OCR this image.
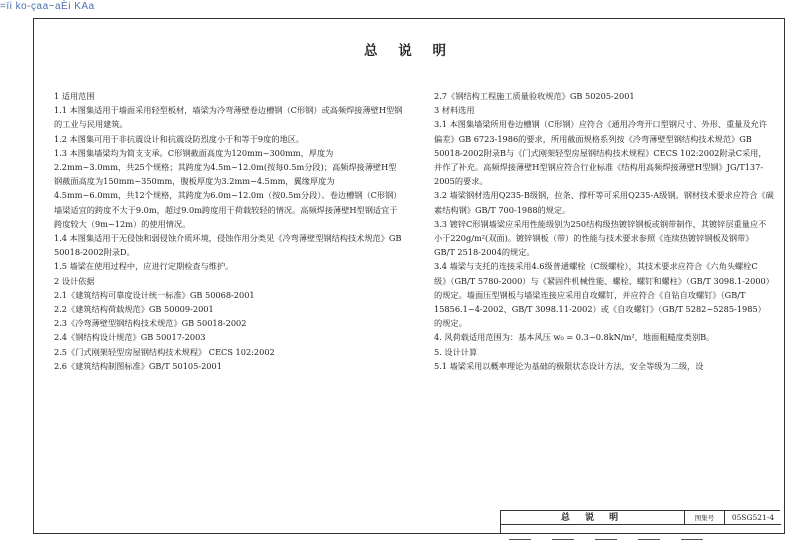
=ïi ko-çaa~aÈi KAa
总 说 明

1 适用范围

1.1 本图集适用于墙面采用轻型板材，墙梁为冷弯薄壁卷边槽钢（C形钢）或高频焊接薄壁H型钢的工业与民用建筑。

1.2 本图集可用于非抗震设计和抗震设防烈度小于和等于9度的地区。

1.3 本图集墙梁均为简支支承。C形钢截面高度为120mm~300mm，厚度为2.2mm~3.0mm，共25个规格；其跨度为4.5m~12.0m(按每0.5m分段)；高频焊接薄壁H型钢截面高度为150mm~350mm，腹板厚度为3.2mm~4.5mm，翼缘厚度为4.5mm~6.0mm，共12个规格，其跨度为6.0m~12.0m（按0.5m分段）。卷边槽钢（C形钢）墙梁适宜的跨度不大于9.0m，超过9.0m跨度用于荷载较轻的情况。高频焊接薄壁H型钢适宜于跨度较大（9m~12m）的使用情况。

1.4 本图集适用于无侵蚀和弱侵蚀介质环境，侵蚀作用分类见《冷弯薄壁型钢结构技术规范》GB 50018-2002附录D。

1.5 墙梁在使用过程中，应进行定期检查与维护。

2 设计依据

2.1《建筑结构可靠度设计统一标准》GB 50068-2001

2.2《建筑结构荷载规范》GB 50009-2001

2.3《冷弯薄壁型钢结构技术规范》GB 50018-2002

2.4《钢结构设计规范》GB 50017-2003

2.5《门式刚架轻型房屋钢结构技术规程》 CECS 102:2002

2.6《建筑结构制图标准》GB/T 50105-2001

2.7《钢结构工程施工质量验收规范》GB 50205-2001

3 材料选用

3.1 本图集墙梁所用卷边槽钢（C形钢）应符合《通用冷弯开口型钢尺寸、外形、重量及允许偏差》GB 6723-1986的要求，所用截面规格系列按《冷弯薄壁型钢结构技术规范》GB 50018-2002附录B与《门式刚架轻型房屋钢结构技术规程》CECS 102:2002附录C采用，并作了补充。高频焊接薄壁H型钢应符合行业标准《结构用高频焊接薄壁H型钢》JG/T137-2005的要求。

3.2 墙梁钢材选用Q235-B级钢，拉条、撑杆等可采用Q235-A级钢。钢材技术要求应符合《碳素结构钢》GB/T 700-1988的规定。

3.3 镀锌C形钢墙梁应采用性能级别为250结构级热镀锌钢板或钢带制作，其镀锌层重量应不小于220g/m²(双面)。镀锌钢板（带）的性能与技术要求参照《连续热镀锌钢板及钢带》GB/T 2518-2004的规定。

3.4 墙梁与支托的连接采用4.6级普通螺栓（C级螺栓），其技术要求应符合《六角头螺栓C级》（GB/T 5780-2000）与《紧固件机械性能、螺栓、螺钉和螺柱》（GB/T 3098.1-2000）的规定。墙面压型钢板与墙梁连接应采用自攻螺钉，并应符合《自钻自攻螺钉》（GB/T 15856.1~4-2002、GB/T 3098.11-2002）或《自攻螺钉》（GB/T 5282~5285-1985）的规定。

4. 风荷载适用范围为：基本风压 w₀ = 0.3~0.8kN/m²，地面粗糙度类别B。

5. 设计计算

5.1 墙梁采用以概率理论为基础的极限状态设计方法，安全等级为二级，设

总 说 明	图集号	05SG521-4
